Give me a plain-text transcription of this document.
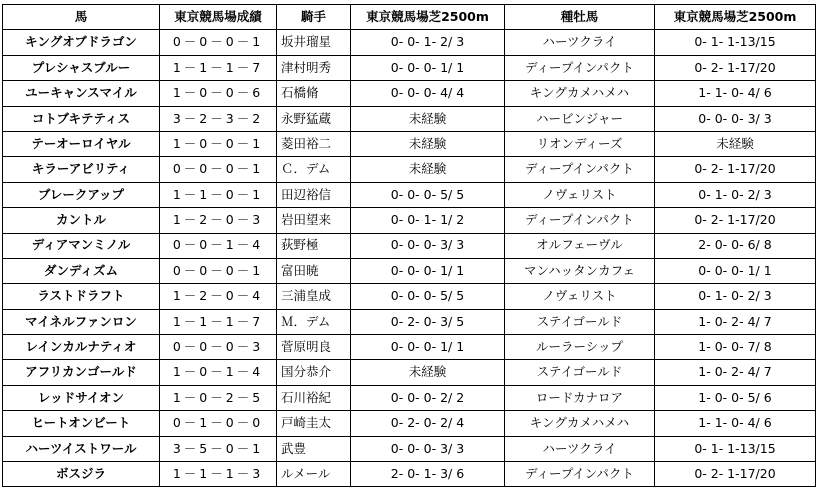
馬	東京競馬場成績	騎手	東京競馬場芝2500m	種牡馬	東京競馬場芝2500m
キングオブドラゴン	0－0－0－1	坂井瑠星	0- 0- 1- 2/ 3	ハーツクライ	0- 1- 1-13/15
プレシャスブルー	1－1－1－7	津村明秀	0- 0- 0- 1/ 1	ディープインパクト	0- 2- 1-17/20
ユーキャンスマイル	1－0－0－6	石橋脩	0- 0- 0- 4/ 4	キングカメハメハ	1- 1- 0- 4/ 6
コトブキテティス	3－2－3－2	永野猛蔵	未経験	ハービンジャー	0- 0- 0- 3/ 3
テーオーロイヤル	1－0－0－1	菱田裕二	未経験	リオンディーズ	未経験
キラーアビリティ	0－0－0－1	Ｃ．デム	未経験	ディープインパクト	0- 2- 1-17/20
ブレークアップ	1－1－0－1	田辺裕信	0- 0- 0- 5/ 5	ノヴェリスト	0- 1- 0- 2/ 3
カントル	1－2－0－3	岩田望来	0- 0- 1- 1/ 2	ディープインパクト	0- 2- 1-17/20
ディアマンミノル	0－0－1－4	荻野極	0- 0- 0- 3/ 3	オルフェーヴル	2- 0- 0- 6/ 8
ダンディズム	0－0－0－1	富田暁	0- 0- 0- 1/ 1	マンハッタンカフェ	0- 0- 0- 1/ 1
ラストドラフト	1－2－0－4	三浦皇成	0- 0- 0- 5/ 5	ノヴェリスト	0- 1- 0- 2/ 3
マイネルファンロン	1－1－1－7	Ｍ．デム	0- 2- 0- 3/ 5	ステイゴールド	1- 0- 2- 4/ 7
レインカルナティオ	0－0－0－3	菅原明良	0- 0- 0- 1/ 1	ルーラーシップ	1- 0- 0- 7/ 8
アフリカンゴールド	1－0－1－4	国分恭介	未経験	ステイゴールド	1- 0- 2- 4/ 7
レッドサイオン	1－0－2－5	石川裕紀	0- 0- 0- 2/ 2	ロードカナロア	1- 0- 0- 5/ 6
ヒートオンビート	0－1－0－0	戸崎圭太	0- 2- 0- 2/ 4	キングカメハメハ	1- 1- 0- 4/ 6
ハーツイストワール	3－5－0－1	武豊	0- 0- 0- 3/ 3	ハーツクライ	0- 1- 1-13/15
ボスジラ	1－1－1－3	ルメール	2- 0- 1- 3/ 6	ディープインパクト	0- 2- 1-17/20
